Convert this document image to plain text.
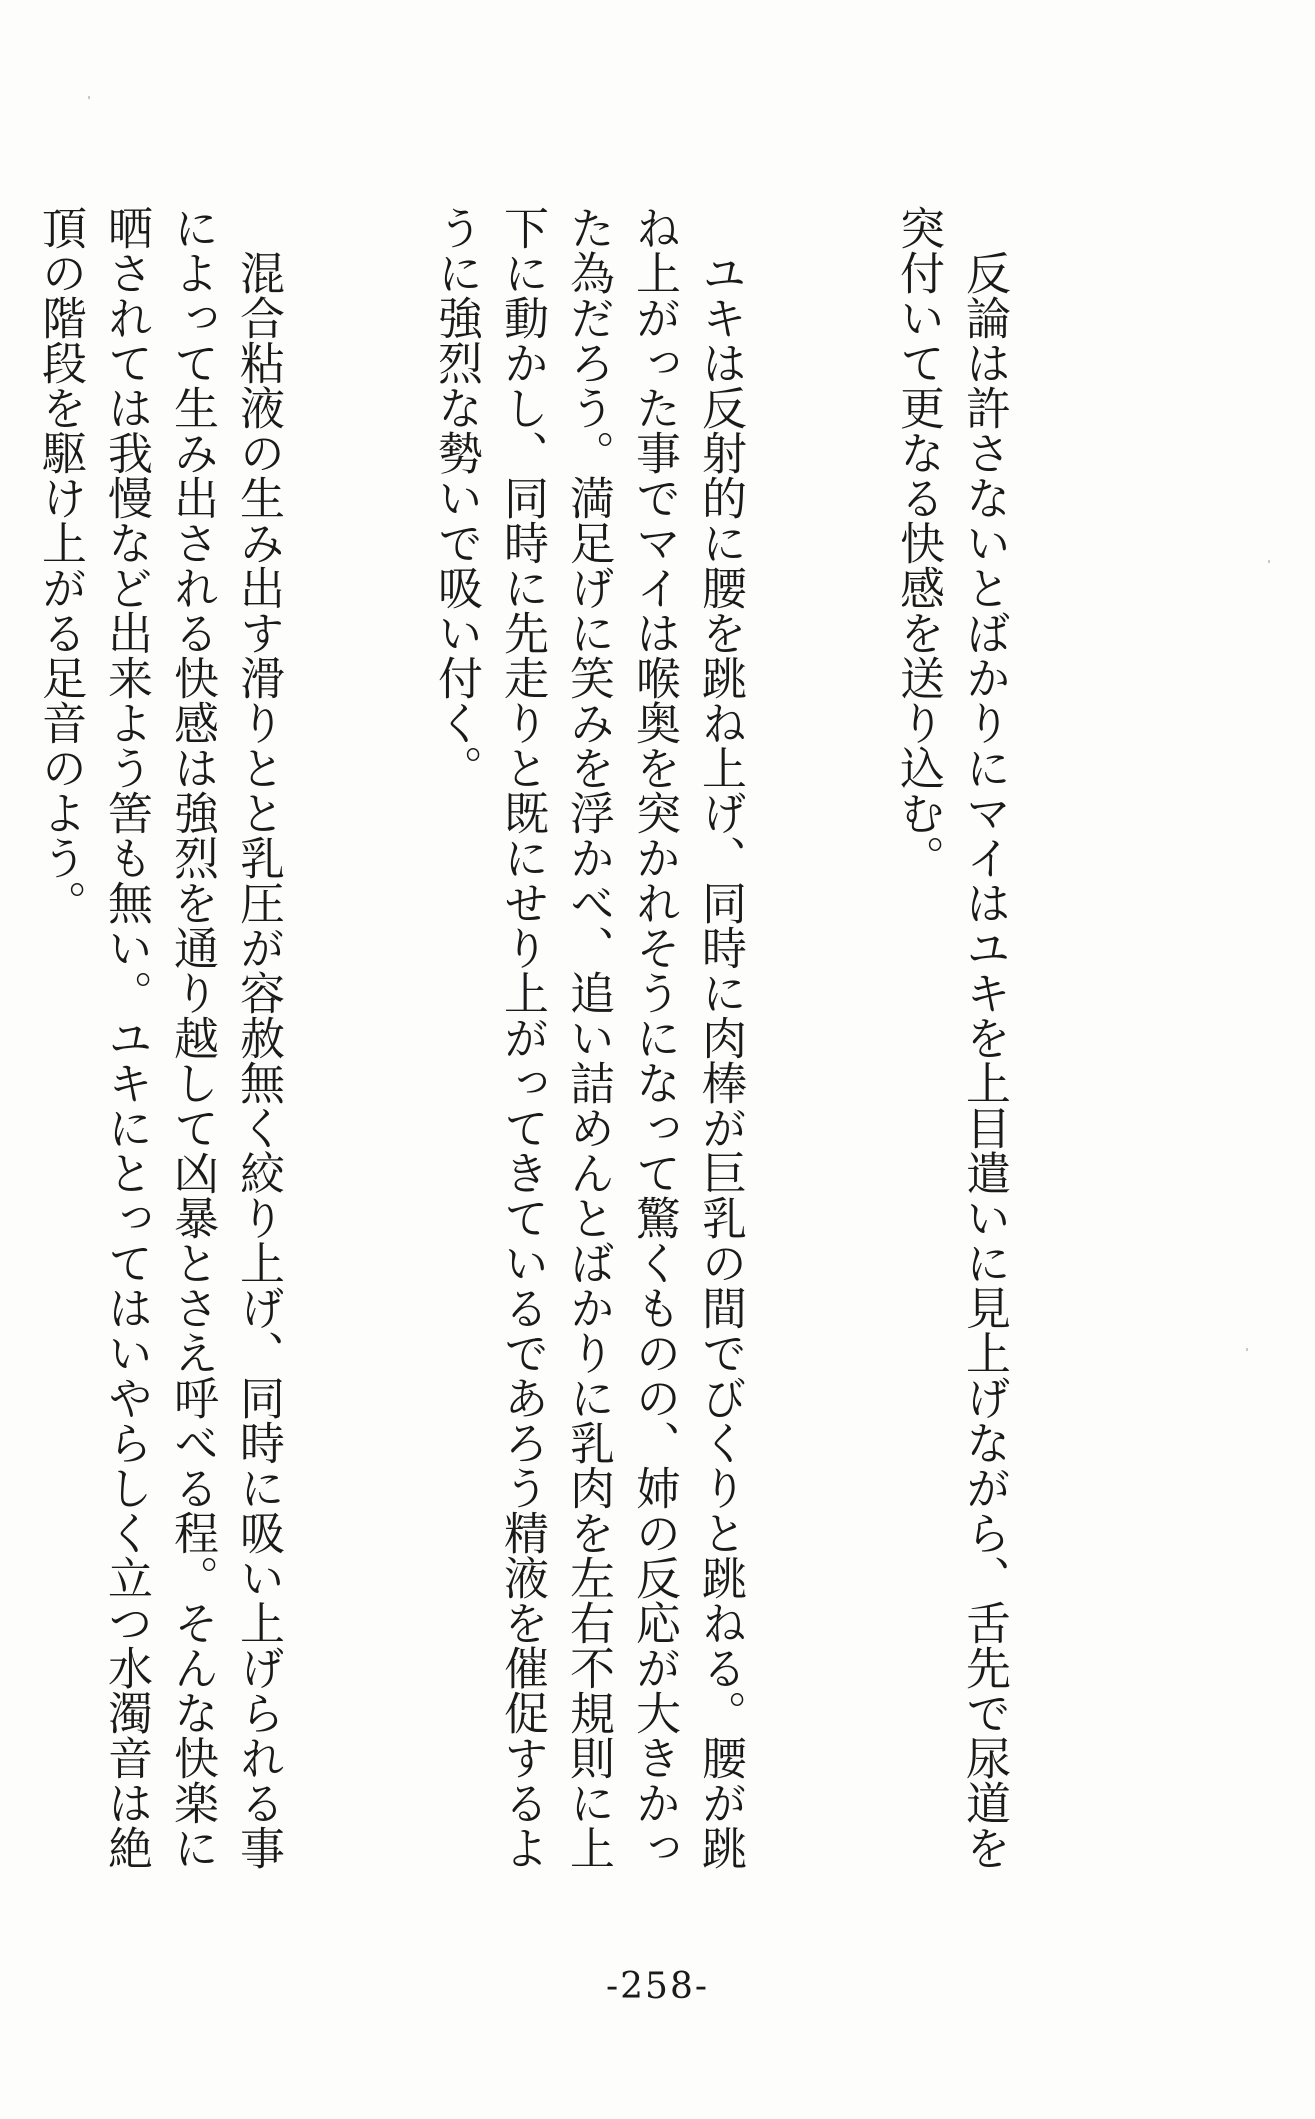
　反論は許さないとばかりにマイはユキを上目遣いに見上げながら、舌先で尿道を突付いて更なる快感を送り込む。

　ユキは反射的に腰を跳ね上げ、同時に肉棒が巨乳の間でびくりと跳ねる。腰が跳ね上がった事でマイは喉奥を突かれそうになって驚くものの、姉の反応が大きかった為だろう。満足げに笑みを浮かべ、追い詰めんとばかりに乳肉を左右不規則に上下に動かし、同時に先走りと既にせり上がってきているであろう精液を催促するように強烈な勢いで吸い付く。

　混合粘液の生み出す滑りとと乳圧が容赦無く絞り上げ、同時に吸い上げられる事によって生み出される快感は強烈を通り越して凶暴とさえ呼べる程。そんな快楽に晒されては我慢など出来よう筈も無い。ユキにとってはいやらしく立つ水濁音は絶頂の階段を駆け上がる足音のよう。

-258-
